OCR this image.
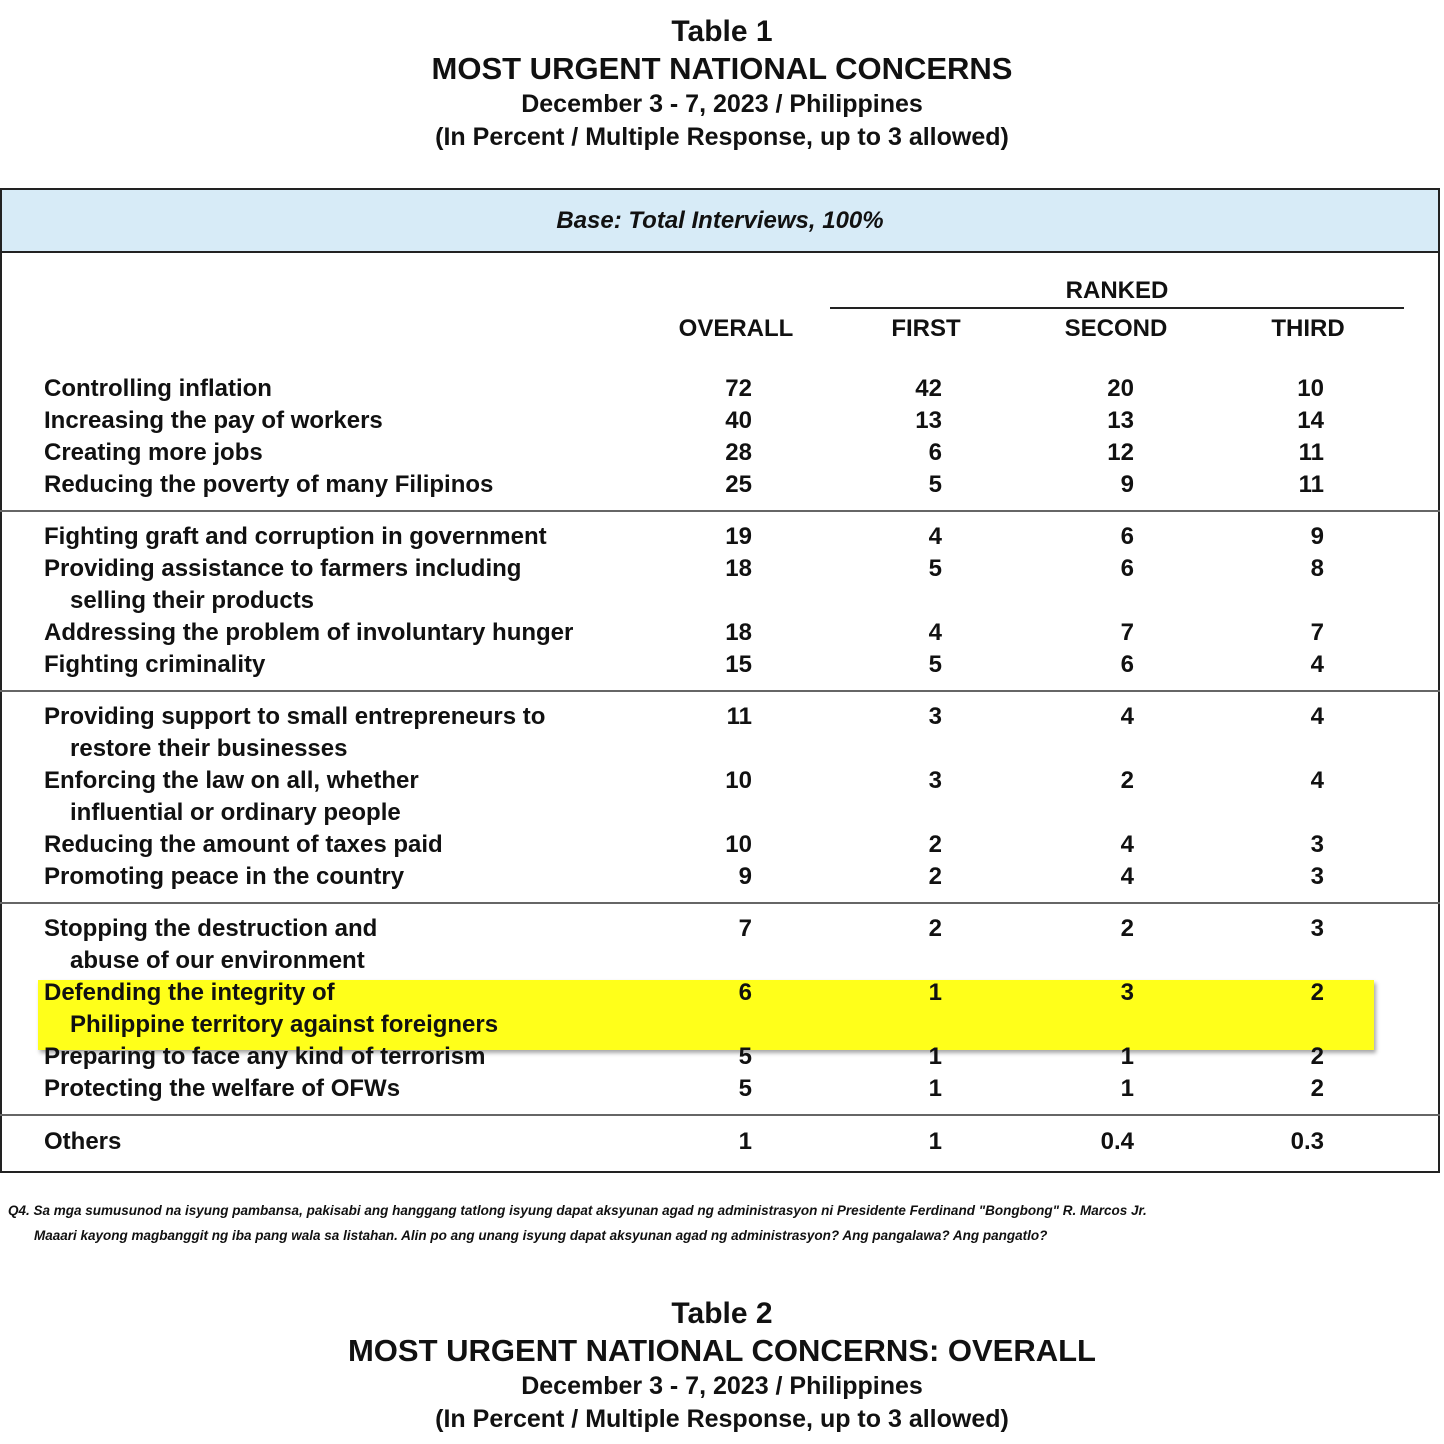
Table 1
MOST URGENT NATIONAL CONCERNS
December 3 - 7, 2023 / Philippines
(In Percent / Multiple Response, up to 3 allowed)
Base: Total Interviews, 100%
RANKED
OVERALL	FIRST	SECOND	THIRD
Controlling inflation	72	42	20	10
Increasing the pay of workers	40	13	13	14
Creating more jobs	28	6	12	11
Reducing the poverty of many Filipinos	25	5	9	11
Fighting graft and corruption in government	19	4	6	9
Providing assistance to farmers including
selling their products
18	5	6	8
Addressing the problem of involuntary hunger	18	4	7	7
Fighting criminality	15	5	6	4
Providing support to small entrepreneurs to
restore their businesses
11	3	4	4
Enforcing the law on all, whether
influential or ordinary people
10	3	2	4
Reducing the amount of taxes paid	10	2	4	3
Promoting peace in the country	9	2	4	3
Stopping the destruction and
abuse of our environment
7	2	2	3
Defending the integrity of
Philippine territory against foreigners
6	1	3	2
Preparing to face any kind of terrorism	5	1	1	2
Protecting the welfare of OFWs	5	1	1	2
Others	1	1	0.4	0.3
Q4. Sa mga sumusunod na isyung pambansa, pakisabi ang hanggang tatlong isyung dapat aksyunan agad ng administrasyon ni Presidente Ferdinand "Bongbong" R. Marcos Jr.
Maaari kayong magbanggit ng iba pang wala sa listahan. Alin po ang unang isyung dapat aksyunan agad ng administrasyon? Ang pangalawa? Ang pangatlo?
Table 2
MOST URGENT NATIONAL CONCERNS: OVERALL
December 3 - 7, 2023 / Philippines
(In Percent / Multiple Response, up to 3 allowed)
